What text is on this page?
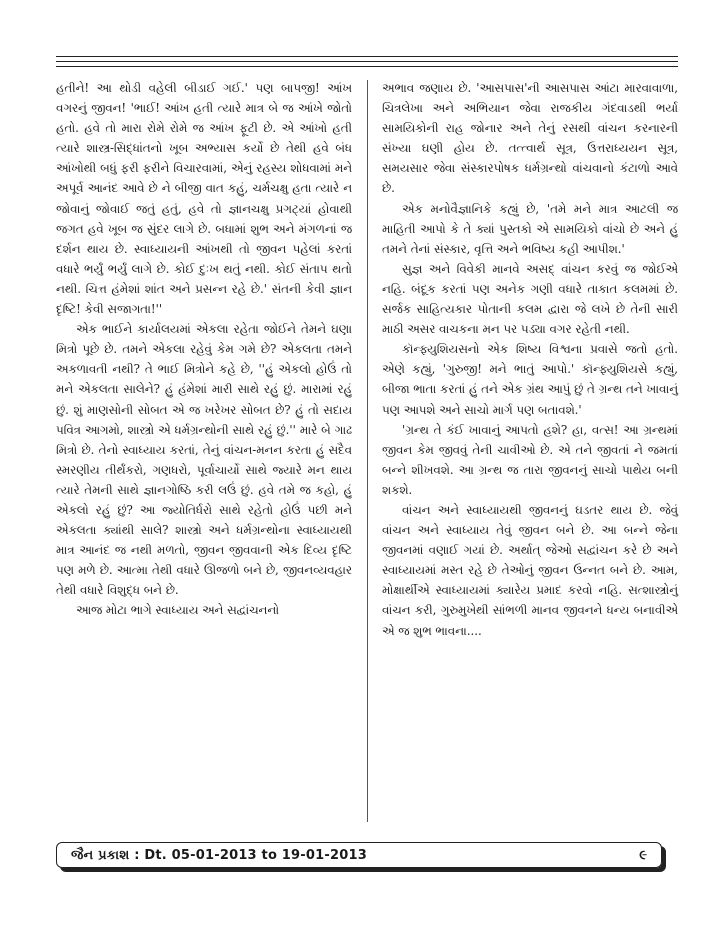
હતીને! આ થોડી વહેલી બીડાઈ ગઈ.' પણ બાપજી! આંખ વગરનું જીવન! 'ભાઈ! આંખ હતી ત્યારે માત્ર બે જ આંખે જોતો હતો. હવે તો મારા રોમે રોમે જ આંખ ફૂટી છે. એ આંખો હતી ત્યારે શાસ્ત્ર-સિદ્ધાંતનો ખૂબ અભ્યાસ કર્યો છે તેથી હવે બંધ આંખોથી બધું ફરી ફરીને વિચારવામાં, એનું રહસ્ય શોધવામાં મને અપૂર્વ આનંદ આવે છે ને બીજી વાત કહું, ચર્મચક્ષુ હતા ત્યારે ન જોવાનું જોવાઈ જતું હતું, હવે તો જ્ઞાનચક્ષુ પ્રગટ્યાં હોવાથી જગત હવે ખૂબ જ સુંદર લાગે છે. બધામાં શુભ અને મંગળનાં જ દર્શન થાય છે. સ્વાધ્યાયની આંખથી તો જીવન પહેલાં કરતાં વધારે ભર્યું ભર્યું લાગે છે. કોઈ દુઃખ થતું નથી. કોઈ સંતાપ થતો નથી. ચિત્ત હંમેશાં શાંત અને પ્રસન્ન રહે છે.' સંતની કેવી જ્ઞાન દૃષ્ટિ! કેવી સજાગતા!''

એક ભાઈને કાર્યાલયમાં એકલા રહેતા જોઈને તેમને ઘણા મિત્રો પૂછે છે. તમને એકલા રહેવું કેમ ગમે છે? એકલતા તમને અકળાવતી નથી? તે ભાઈ મિત્રોને કહે છે, ''હું એકલો હોઉં તો મને એકલતા સાલેને? હું હંમેશાં મારી સાથે રહું છું. મારામાં રહું છું. શું માણસોની સોબત એ જ ખરેખર સોબત છે? હું તો સદાય પવિત્ર આગમો, શાસ્ત્રો એ ધર્મગ્રન્થોની સાથે રહું છું.'' મારે બે ગાઢ મિત્રો છે. તેનો સ્વાધ્યાય કરતાં, તેનું વાંચન-મનન કરતા હું સદૈવ સ્મરણીય તીર્થંકરો, ગણધરો, પૂર્વાચાર્યો સાથે જ્યારે મન થાય ત્યારે તેમની સાથે જ્ઞાનગોષ્ઠિ કરી લઉં છું. હવે તમે જ કહો, હું એકલો રહું છું? આ જ્યોતિર્ધરો સાથે રહેતો હોઉં પછી મને એકલતા ક્યાંથી સાલે? શાસ્ત્રો અને ધર્મગ્રન્થોના સ્વાધ્યાયથી માત્ર આનંદ જ નથી મળતો, જીવન જીવવાની એક દિવ્ય દૃષ્ટિ પણ મળે છે. આત્મા તેથી વધારે ઊજળો બને છે, જીવનવ્યવહાર તેથી વધારે વિશુદ્ધ બને છે.

આજ મોટા ભાગે સ્વાધ્યાય અને સદ્વાંચનનો

અભાવ જણાય છે. 'આસપાસ'ની આસપાસ આંટા મારવાવાળા, ચિત્રલેખા અને અભિયાન જેવા રાજકીય ગંદવાડથી ભર્યા સામયિકોની રાહ જોનાર અને તેનું રસથી વાંચન કરનારની સંખ્યા ઘણી હોય છે. તત્ત્વાર્થ સૂત્ર, ઉત્તરાધ્યયન સૂત્ર, સમયસાર જેવા સંસ્કારપોષક ધર્મગ્રન્થો વાંચવાનો કંટાળો આવે છે.

એક મનોવૈજ્ઞાનિકે કહ્યું છે, 'તમે મને માત્ર આટલી જ માહિતી આપો કે તે ક્યાં પુસ્તકો એ સામયિકો વાંચો છે અને હું તમને તેનાં સંસ્કાર, વૃત્તિ અને ભવિષ્ય કહી આપીશ.'

સુજ્ઞ અને વિવેકી માનવે અસદ્ વાંચન કરવું જ જોઈએ નહિ. બંદૂક કરતાં પણ અનેક ગણી વધારે તાકાત કલમમાં છે. સર્જક સાહિત્યકાર પોતાની કલમ દ્વારા જે લખે છે તેની સારી માઠી અસર વાચકના મન પર પડ્યા વગર રહેતી નથી.

કૉન્ફ્યુશિયસનો એક શિષ્ય વિશ્વના પ્રવાસે જતો હતો. એણે કહ્યું, 'ગુરુજી! મને ભાતું આપો.' કૉન્ફ્યુશિયસે કહ્યું, બીજા ભાતા કરતાં હું તને એક ગ્રંથ આપું છું તે ગ્રન્થ તને ખાવાનું પણ આપશે અને સાચો માર્ગ પણ બતાવશે.'

'ગ્રન્થ તે કંઈ ખાવાનું આપતો હશે? હા, વત્સ! આ ગ્રન્થમાં જીવન કેમ જીવવું તેની ચાવીઓ છે. એ તને જીવતાં ને જમતાં બન્ને શીખવશે. આ ગ્રન્થ જ તારા જીવનનું સાચો પાથેય બની શકશે.

વાંચન અને સ્વાધ્યાયથી જીવનનું ઘડતર થાય છે. જેવું વાંચન અને સ્વાધ્યાય તેવું જીવન બને છે. આ બન્ને જેના જીવનમાં વણાઈ ગયાં છે. અર્થાત્ જેઓ સદ્વાંચન કરે છે અને સ્વાધ્યાયમાં મસ્ત રહે છે તેઓનું જીવન ઉન્નત બને છે. આમ, મોક્ષાર્થીએ સ્વાધ્યાયમાં ક્યારેય પ્રમાદ કરવો નહિ. સત્શાસ્ત્રોનું વાંચન કરી, ગુરુમુખેથી સાંભળી માનવ જીવનને ધન્ય બનાવીએ એ જ શુભ ભાવના....

જૈન પ્રકાશ : Dt. 05-01-2013 to 19-01-2013	૯
